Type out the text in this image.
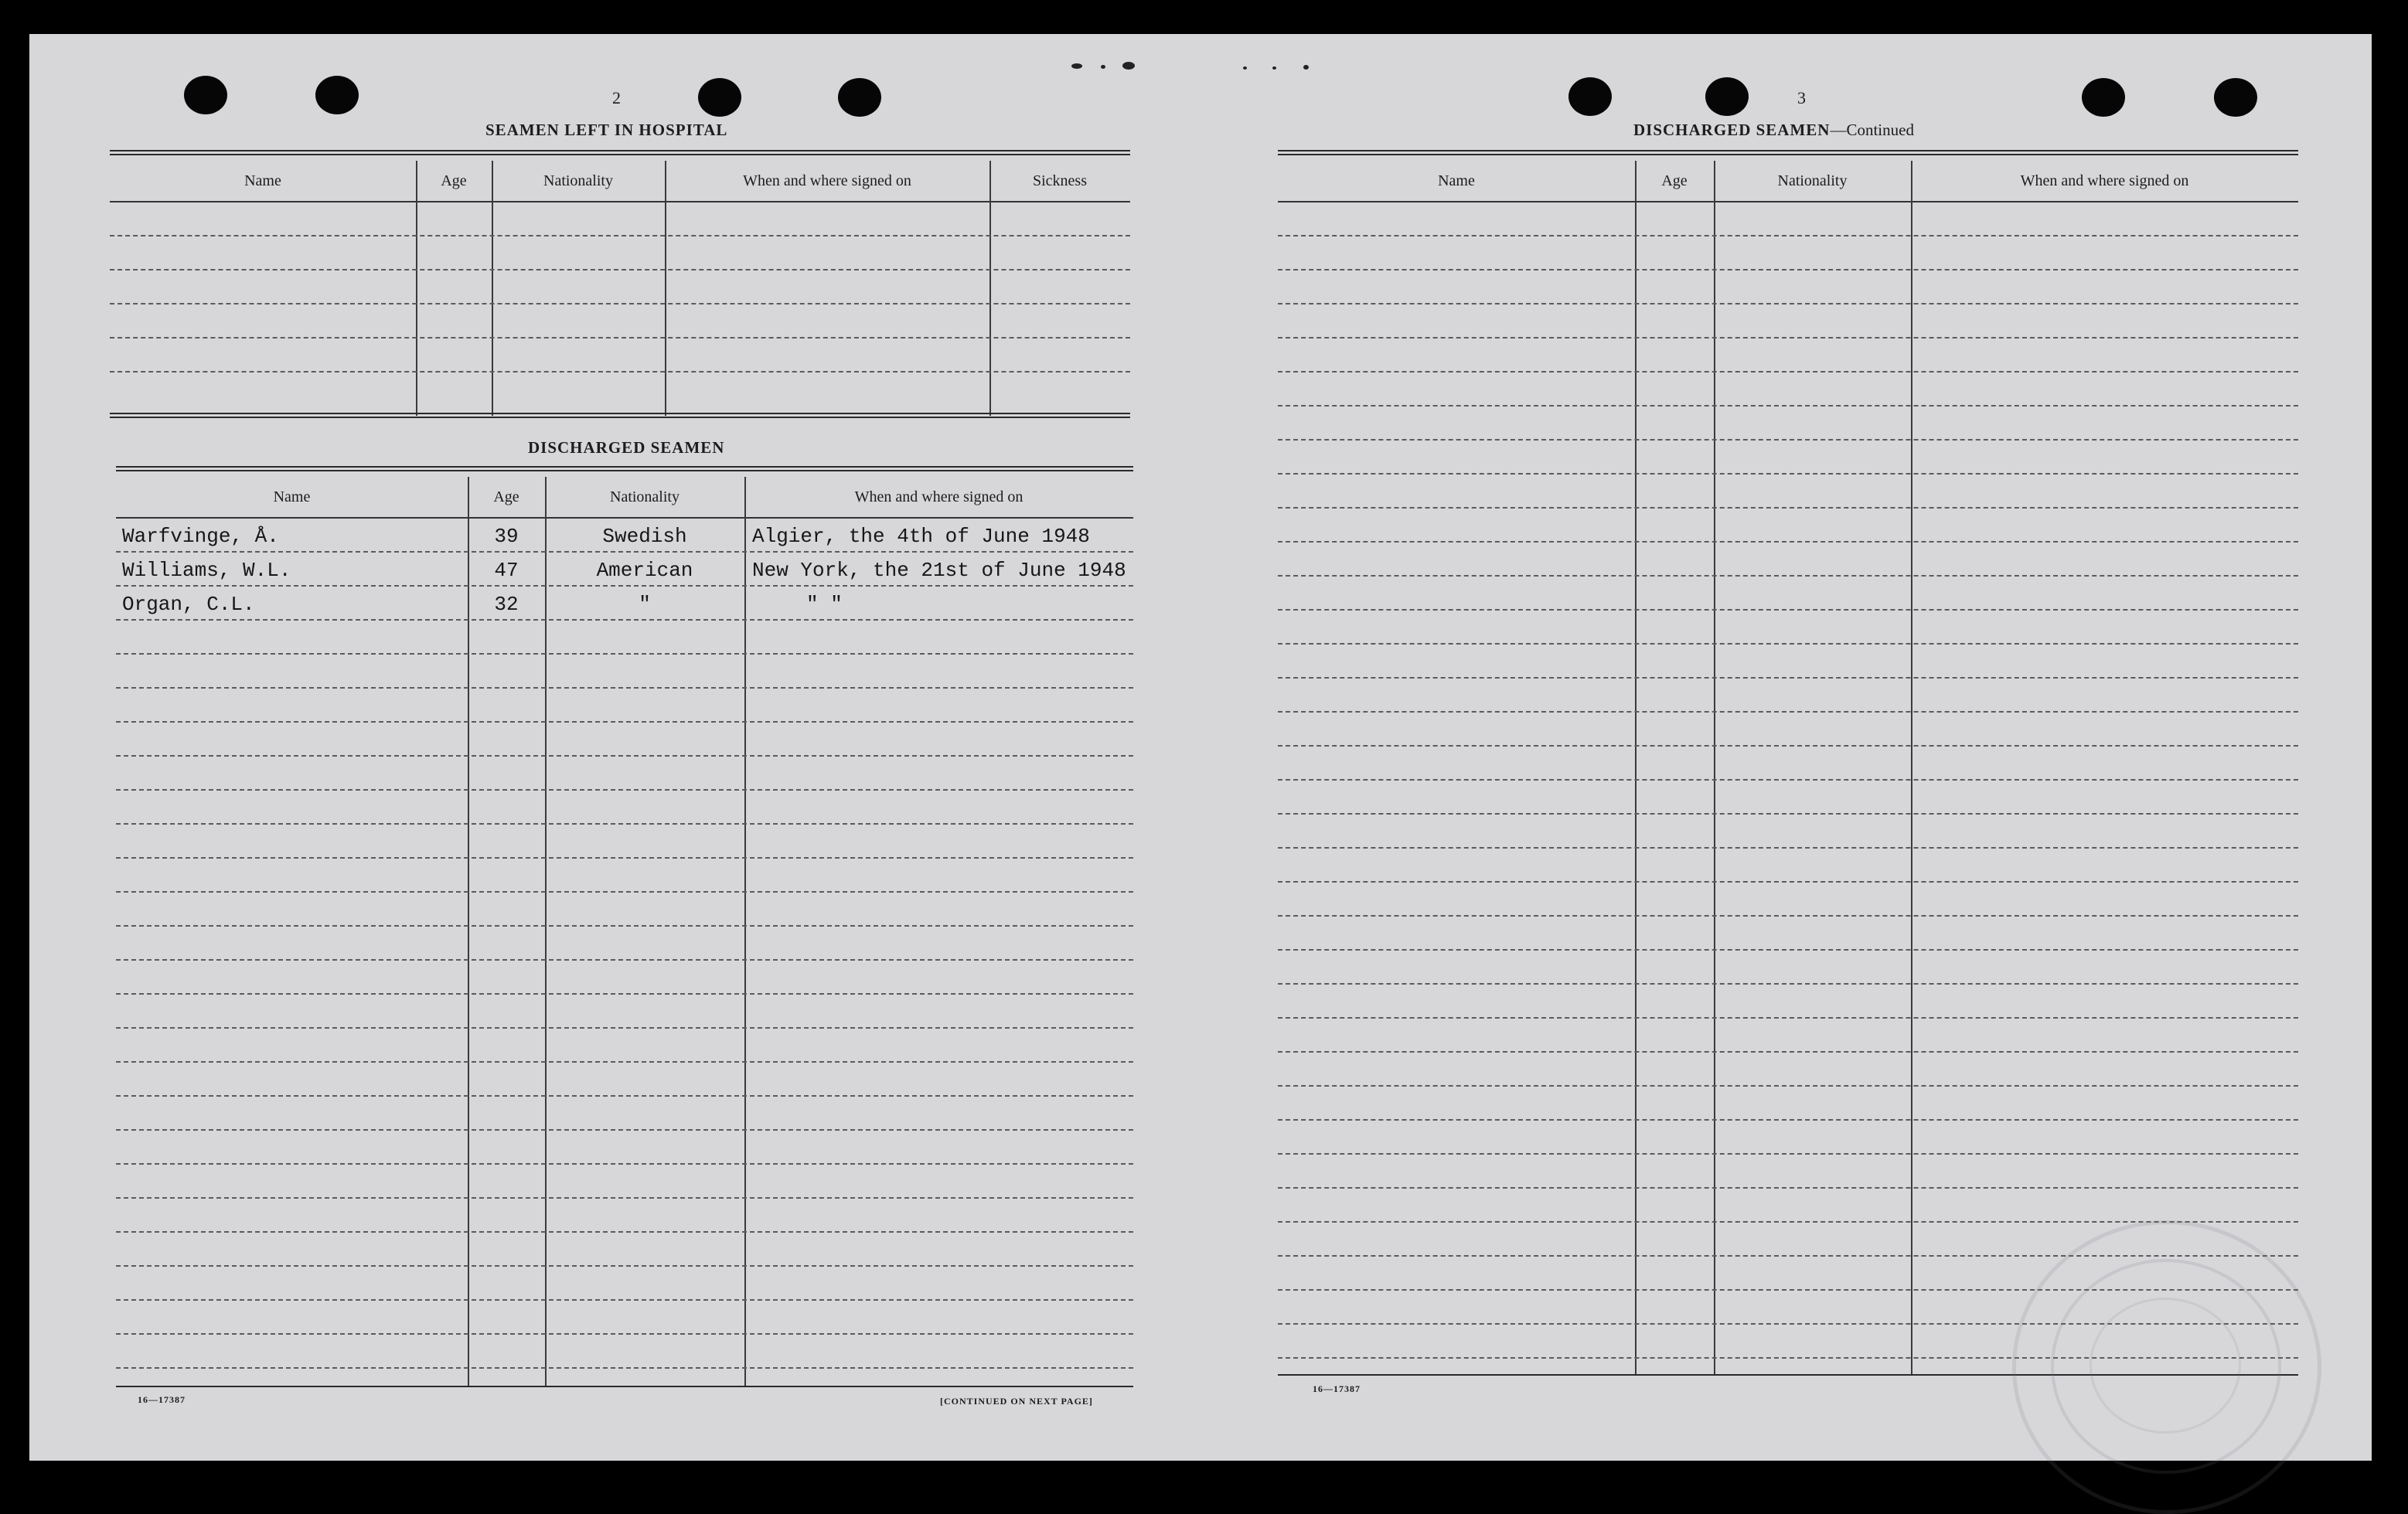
2
SEAMEN LEFT IN HOSPITAL
Name	Age	Nationality	When and where signed on	Sickness
DISCHARGED SEAMEN
Name	Age	Nationality	When and where signed on
Warfvinge, Å.	39	Swedish	Algier, the 4th of June 1948
Williams, W.L.	47	American	New York, the 21st of June 1948
Organ, C.L.	32	"	" "
16—17387	[CONTINUED ON NEXT PAGE]
3
DISCHARGED SEAMEN—Continued
Name	Age	Nationality	When and where signed on
16—17387
